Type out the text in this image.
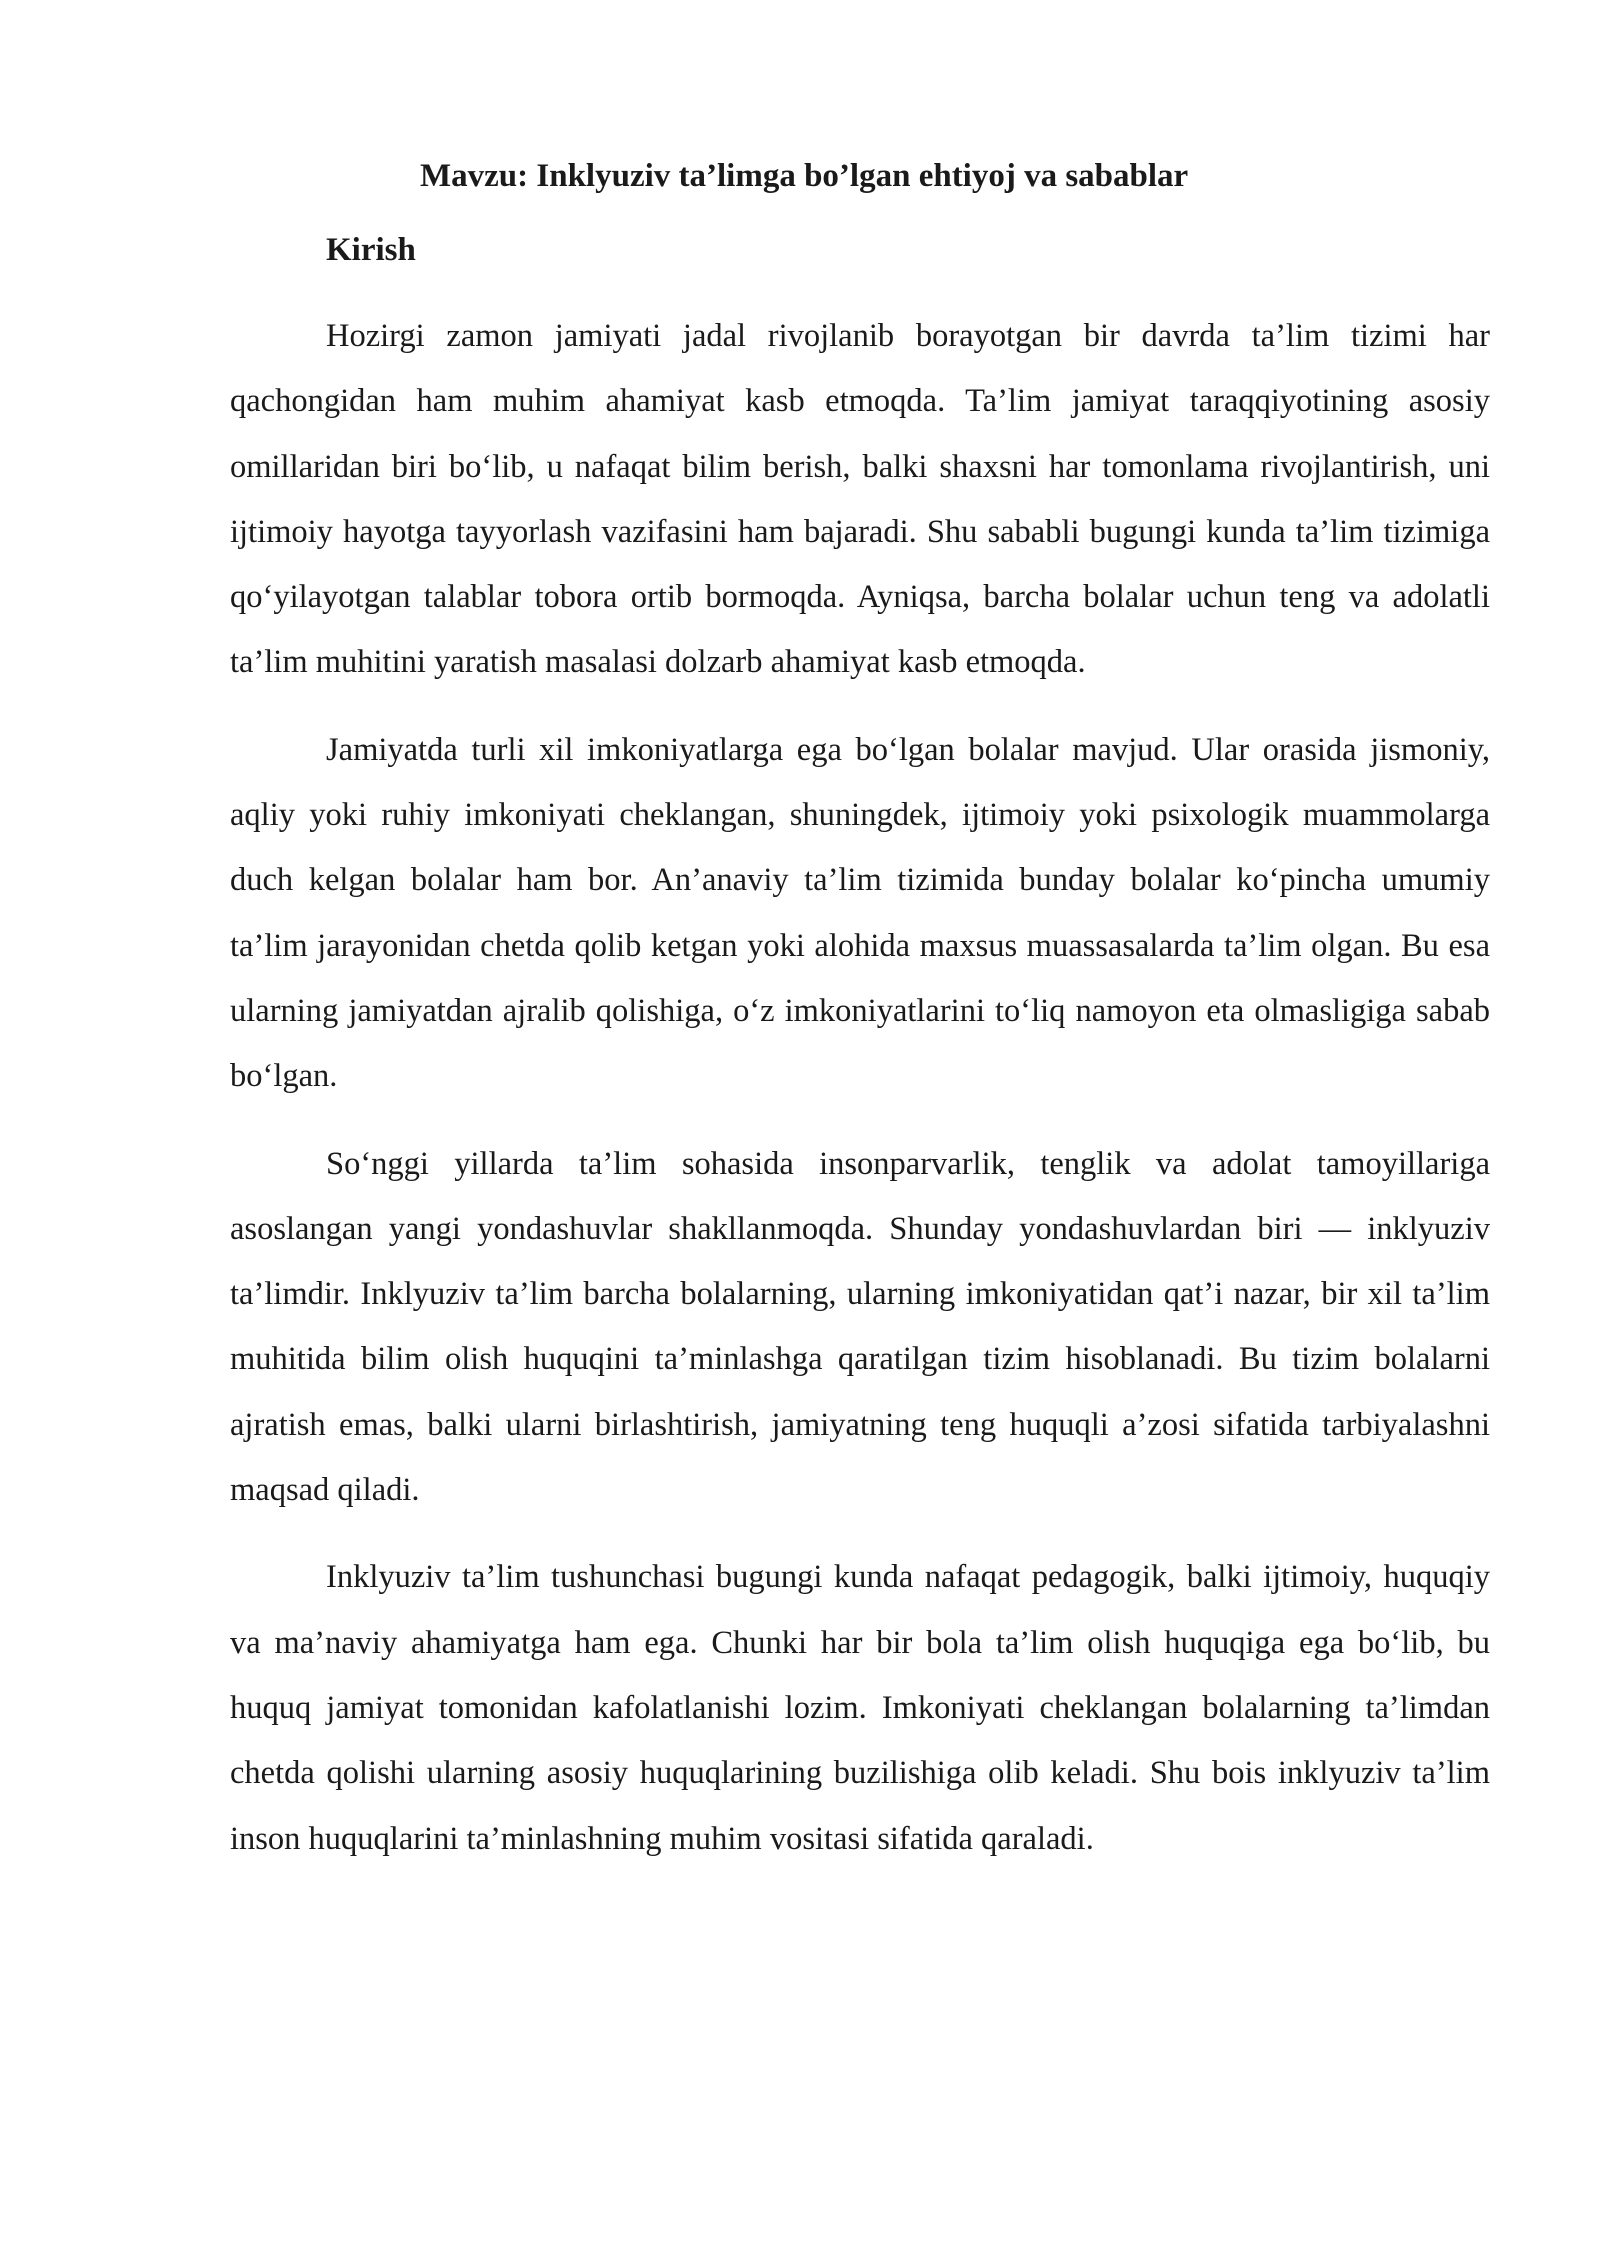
Mavzu: Inklyuziv ta’limga bo’lgan ehtiyoj va sabablar

Kirish

Hozirgi zamon jamiyati jadal rivojlanib borayotgan bir davrda ta’lim tizimi har qachongidan ham muhim ahamiyat kasb etmoqda. Ta’lim jamiyat taraqqiyotining asosiy omillaridan biri bo‘lib, u nafaqat bilim berish, balki shaxsni har tomonlama rivojlantirish, uni ijtimoiy hayotga tayyorlash vazifasini ham bajaradi. Shu sababli bugungi kunda ta’lim tizimiga qo‘yilayotgan talablar tobora ortib bormoqda. Ayniqsa, barcha bolalar uchun teng va adolatli ta’lim muhitini yaratish masalasi dolzarb ahamiyat kasb etmoqda.

Jamiyatda turli xil imkoniyatlarga ega bo‘lgan bolalar mavjud. Ular orasida jismoniy, aqliy yoki ruhiy imkoniyati cheklangan, shuningdek, ijtimoiy yoki psixologik muammolarga duch kelgan bolalar ham bor. An’anaviy ta’lim tizimida bunday bolalar ko‘pincha umumiy ta’lim jarayonidan chetda qolib ketgan yoki alohida maxsus muassasalarda ta’lim olgan. Bu esa ularning jamiyatdan ajralib qolishiga, o‘z imkoniyatlarini to‘liq namoyon eta olmasligiga sabab bo‘lgan.

So‘nggi yillarda ta’lim sohasida insonparvarlik, tenglik va adolat tamoyillariga asoslangan yangi yondashuvlar shakllanmoqda. Shunday yondashuvlardan biri — inklyuziv ta’limdir. Inklyuziv ta’lim barcha bolalarning, ularning imkoniyatidan qat’i nazar, bir xil ta’lim muhitida bilim olish huquqini ta’minlashga qaratilgan tizim hisoblanadi. Bu tizim bolalarni ajratish emas, balki ularni birlashtirish, jamiyatning teng huquqli a’zosi sifatida tarbiyalashni maqsad qiladi.

Inklyuziv ta’lim tushunchasi bugungi kunda nafaqat pedagogik, balki ijtimoiy, huquqiy va ma’naviy ahamiyatga ham ega. Chunki har bir bola ta’lim olish huquqiga ega bo‘lib, bu huquq jamiyat tomonidan kafolatlanishi lozim. Imkoniyati cheklangan bolalarning ta’limdan chetda qolishi ularning asosiy huquqlarining buzilishiga olib keladi. Shu bois inklyuziv ta’lim inson huquqlarini ta’minlashning muhim vositasi sifatida qaraladi.
